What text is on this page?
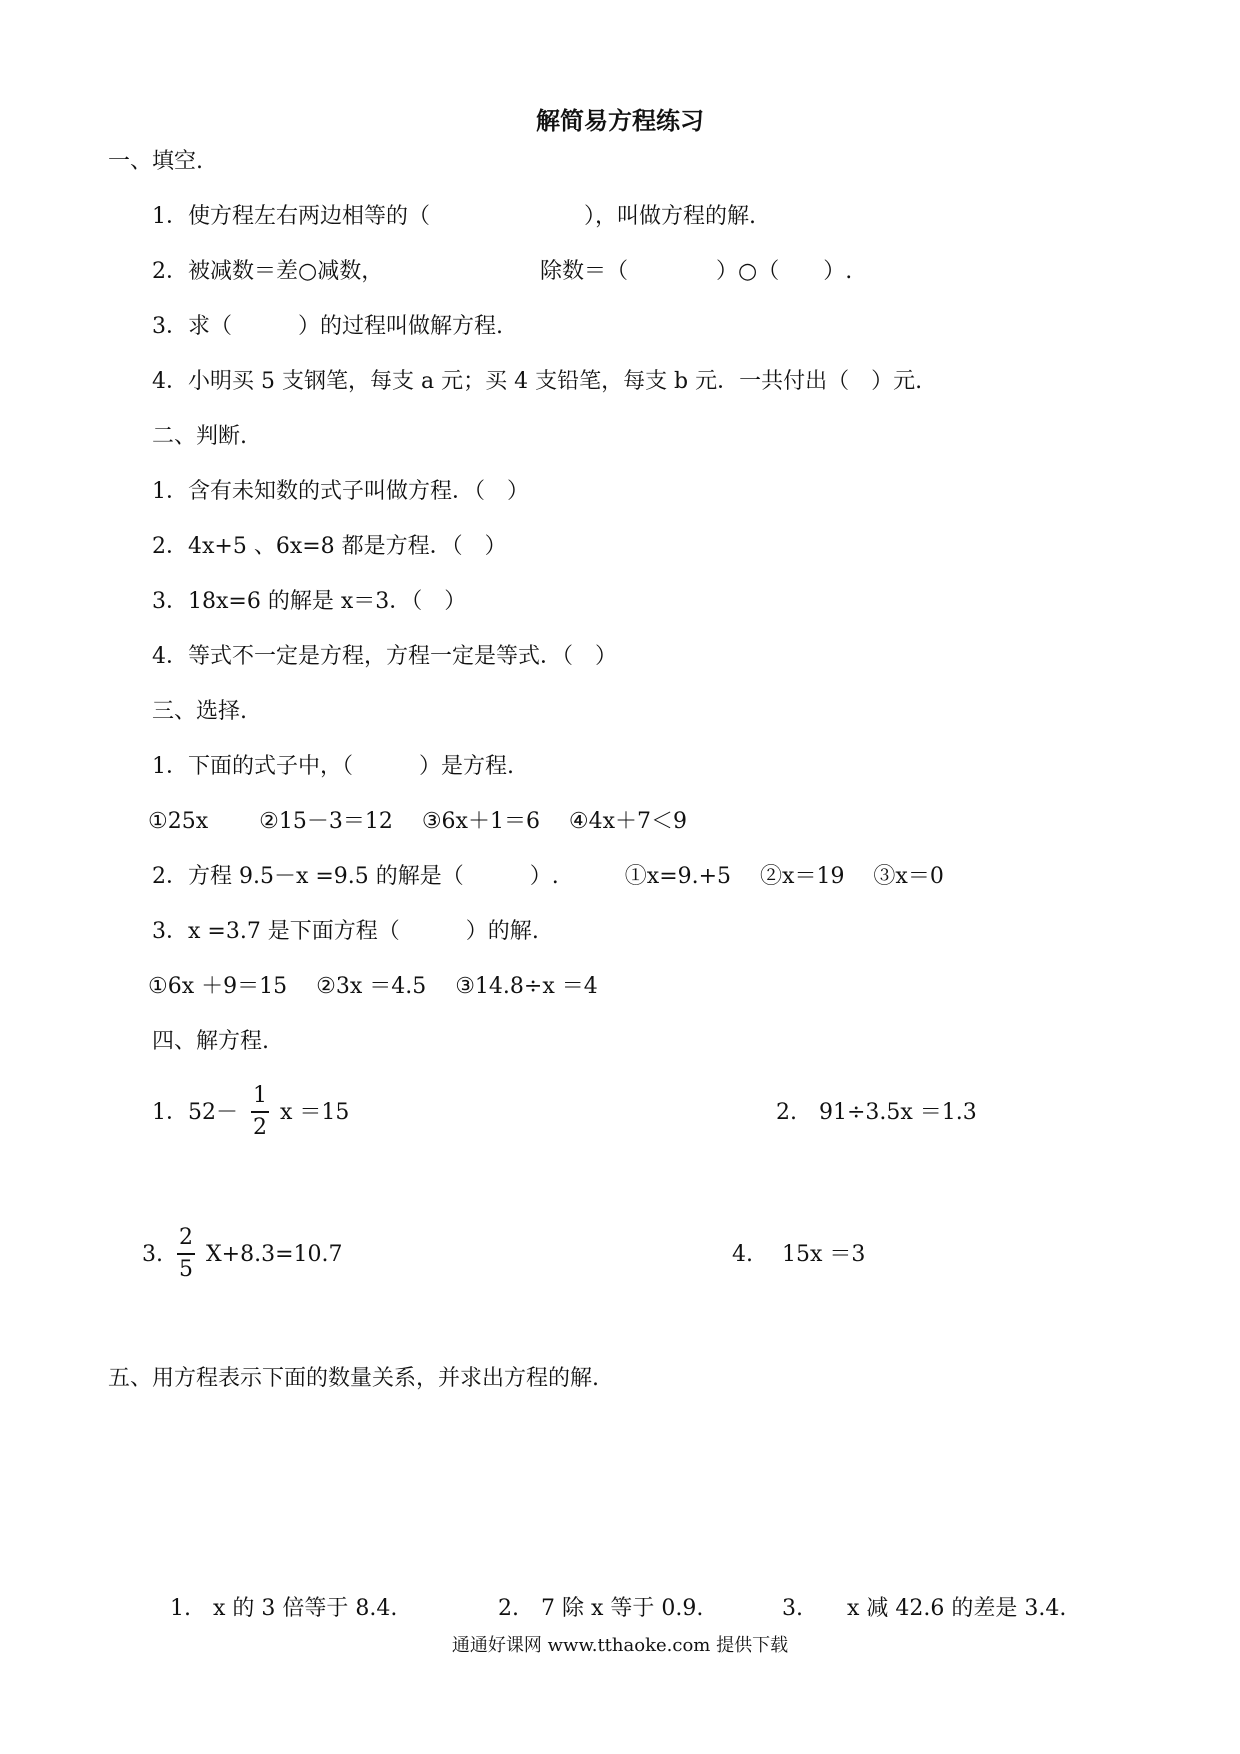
解简易方程练习
一、填空.
1．使方程左右两边相等的（　　　　　　　），叫做方程的解.
2．被减数＝差○减数，	除数＝（　　　　）○（　　）.
3．求（　　　）的过程叫做解方程.
4．小明买 5 支钢笔，每支 a 元；买 4 支铅笔，每支 b 元．一共付出（　）元.
二、判断.
1．含有未知数的式子叫做方程．（　）
2．4x+5 、6x=8 都是方程．（　）
3．18x=6 的解是 x＝3．（　）
4．等式不一定是方程，方程一定是等式．（　）
三、选择.
1．下面的式子中，（　　　）是方程.
①25x　　 ②15－3＝12　 ③6x＋1＝6　 ④4x＋7＜9
2．方程 9.5－x =9.5 的解是（　　　）.　　　①x=9.+5　 ②x＝19　 ③x＝0
3．x =3.7 是下面方程（　　　）的解.
①6x ＋9＝15　 ②3x ＝4.5　 ③14.8÷x ＝4
四、解方程.
1．52－
1
2
x ＝15	2.　91÷3.5x ＝1.3
3.
2
5
X+8.3=10.7	4.　 15x ＝3
五、用方程表示下面的数量关系，并求出方程的解.
1.　x 的 3 倍等于 8.4.	2.　7 除 x 等于 0.9.	3.　　x 减 42.6 的差是 3.4.
通通好课网 www.tthaoke.com 提供下载
